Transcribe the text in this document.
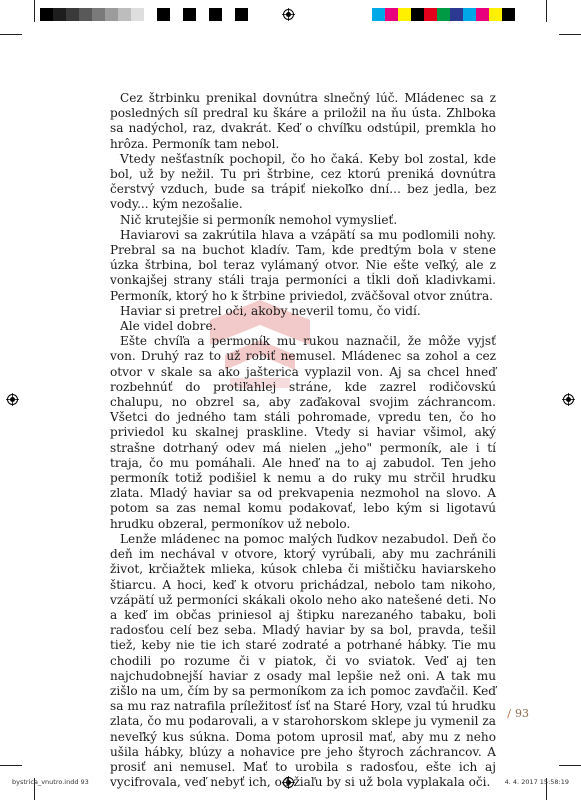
Cez štrbinku prenikal dovnútra slnečný lúč. Mládenec sa z posledných síl predral ku škáre a priložil na ňu ústa. Zhlboka sa nadýchol, raz, dvakrát. Keď o chvíľku odstúpil, premkla ho hrôza. Permoník tam nebol.

Vtedy nešťastník pochopil, čo ho čaká. Keby bol zostal, kde bol, už by nežil. Tu pri štrbine, cez ktorú preniká dovnútra čerstvý vzduch, bude sa trápiť niekoľko dní... bez jedla, bez vody... kým nezošalie.

Nič krutejšie si permoník nemohol vymyslieť.

Haviarovi sa zakrútila hlava a vzápätí sa mu podlomili nohy. Prebral sa na buchot kladív. Tam, kde predtým bola v stene úzka štrbina, bol teraz vylámaný otvor. Nie ešte veľký, ale z vonkajšej strany stáli traja permoníci a tĺkli doň kladivkami. Permoník, ktorý ho k štrbine priviedol, zväčšoval otvor znútra.

Haviar si pretrel oči, akoby neveril tomu, čo vidí.

Ale videl dobre.

Ešte chvíľa a permoník mu rukou naznačil, že môže vyjsť von. Druhý raz to už robiť nemusel. Mládenec sa zohol a cez otvor v skale sa ako jašterica vyplazil von. Aj sa chcel hneď rozbehnúť do protiľahlej stráne, kde zazrel rodičovskú chalupu, no obzrel sa, aby zaďakoval svojim záchrancom. Všetci do jedného tam stáli pohromade, vpredu ten, čo ho priviedol ku skalnej prasklinе. Vtedy si haviar všimol, aký strašne dotrhaný odev má nielen „jeho" permoník, ale i tí traja, čo mu pomáhali. Ale hneď na to aj zabudol. Ten jeho permoník totiž podišiel k nemu a do ruky mu strčil hrudku zlata. Mladý haviar sa od prekvapenia nezmohol na slovo. A potom sa zas nemal komu podakovať, lebo kým si ligotavú hrudku obzeral, permoníkov už nebolo.

Lenže mládenec na pomoc malých ľudkov nezabudol. Deň čo deň im nechával v otvore, ktorý vyrúbali, aby mu zachránili život, krčiažtek mlieka, kúsok chleba či mištičku haviarskeho štiarcu. A hoci, keď k otvoru prichádzal, nebolo tam nikoho, vzápätí už permoníci skákali okolo neho ako natešené deti. No a keď im občas priniesol aj štipku narezaného tabaku, boli radosťou celí bez seba. Mladý haviar by sa bol, pravda, tešil tiež, keby nie tie ich staré zodraté a potrhané hábky. Tie mu chodili po rozume či v piatok, či vo sviatok. Veď aj ten najchudobnejší haviar z osady mal lepšie než oni. A tak mu zišlo na um, čím by sa permoníkom za ich pomoc zavďačil. Keď sa mu raz natrafila príležitosť ísť na Staré Hory, vzal tú hrudku zlata, čo mu podarovali, a v starohorskom sklepe ju vymenil za neveľký kus súkna. Doma potom uprosil mať, aby mu z neho ušila hábky, blúzy a nohavice pre jeho štyroch záchrancov. A prosiť ani nemusel. Mať to urobila s radosťou, ešte ich aj vycifrovala, veď nebyť ich, od žiaľu by si už bola vyplakala oči.

/ 93
bystrica_vnutro.indd 93	4. 4. 2017 15:58:19
